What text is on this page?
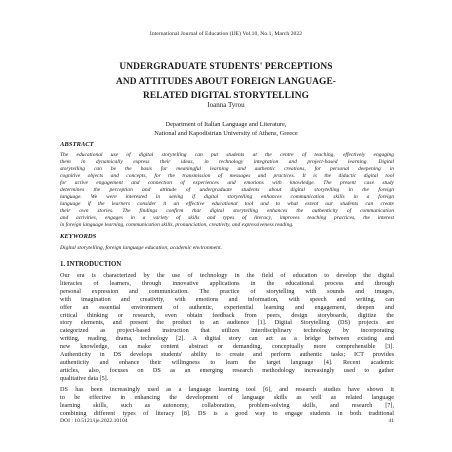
International Journal of Education (IJE) Vol.10, No.1, March 2022
UNDERGRADUATE STUDENTS' PERCEPTIONS
AND ATTITUDES ABOUT FOREIGN LANGUAGE-
RELATED DIGITAL STORYTELLING
Ioanna Tyrou
Department of Italian Language and Literature,
National and Kapodistrian University of Athens, Greece
ABSTRACT
The educational use of digital storytelling can put students at the centre of teaching, effectively engaging
them in dynamically express their ideas, in technology integration and project-based learning. Digital
storytelling can be the basis for meaningful learning and authentic creations, for personal deepening in
cognitive objects and concepts, for the transmission of messages and practices. It is the didactic digital tool
for active engagement and connection of experiences and emotions with knowledge. The present case study
determines the perception and attitude of undergraduate students about digital storytelling in the foreign
language. We were interested in seeing if digital storytelling enhances communication skills in a foreign
language if the learners consider it an effective educational tool and to what extent our students can create
their own stories. The findings confirm that digital storytelling enhances the authenticity of communication
and activities, engages in a variety of skills and types of literacy, improves teaching practices, the interest
in foreign language learning, communication skills, pronunciation, creativity, and expressiveness reading.
KEYWORDS
Digital storytelling, foreign language education, academic environment.
1. INTRODUCTION
Our era is characterized by the use of technology in the field of education to develop the digital
literacies of learners, through innovative applications in the educational process and through
personal expression and communication. The practice of storytelling with sounds and images,
with imagination and creativity, with emotions and information, with speech and writing, can
offer an essential environment of authentic, experiential learning and engagement, deepen and
critical thinking or research, even obtain feedback from peers, design storyboards, digitize the
story elements, and present the product to an audience [1]. Digital Storytelling (DS) projects are
categorized as project-based instruction that utilizes interdisciplinary technology by incorporating
writing, reading, drama, technology [2]. A digital story can act as a bridge between existing and
new knowledge, can make content abstract or demanding, conceptually more comprehensible [3].
Authenticity in DS develops students' ability to create and perform authentic tasks; ICT provides
authenticity and enhance their willingness to learn the target language [4]. Recent academic
articles, also, focuses on DS as an emerging research methodology increasingly used to gather
qualitative data [5].
DS has been increasingly used as a language learning tool [6], and research studies have shown it
to be effective in enhancing the development of language skills as well as related language
learning skills, such as autonomy, collaboration, problem-solving skills, and research [7],
combining different types of literacy [8]. DS is a good way to engage students in both traditional
DOI : 10.5121/ije.2022.10104	41
